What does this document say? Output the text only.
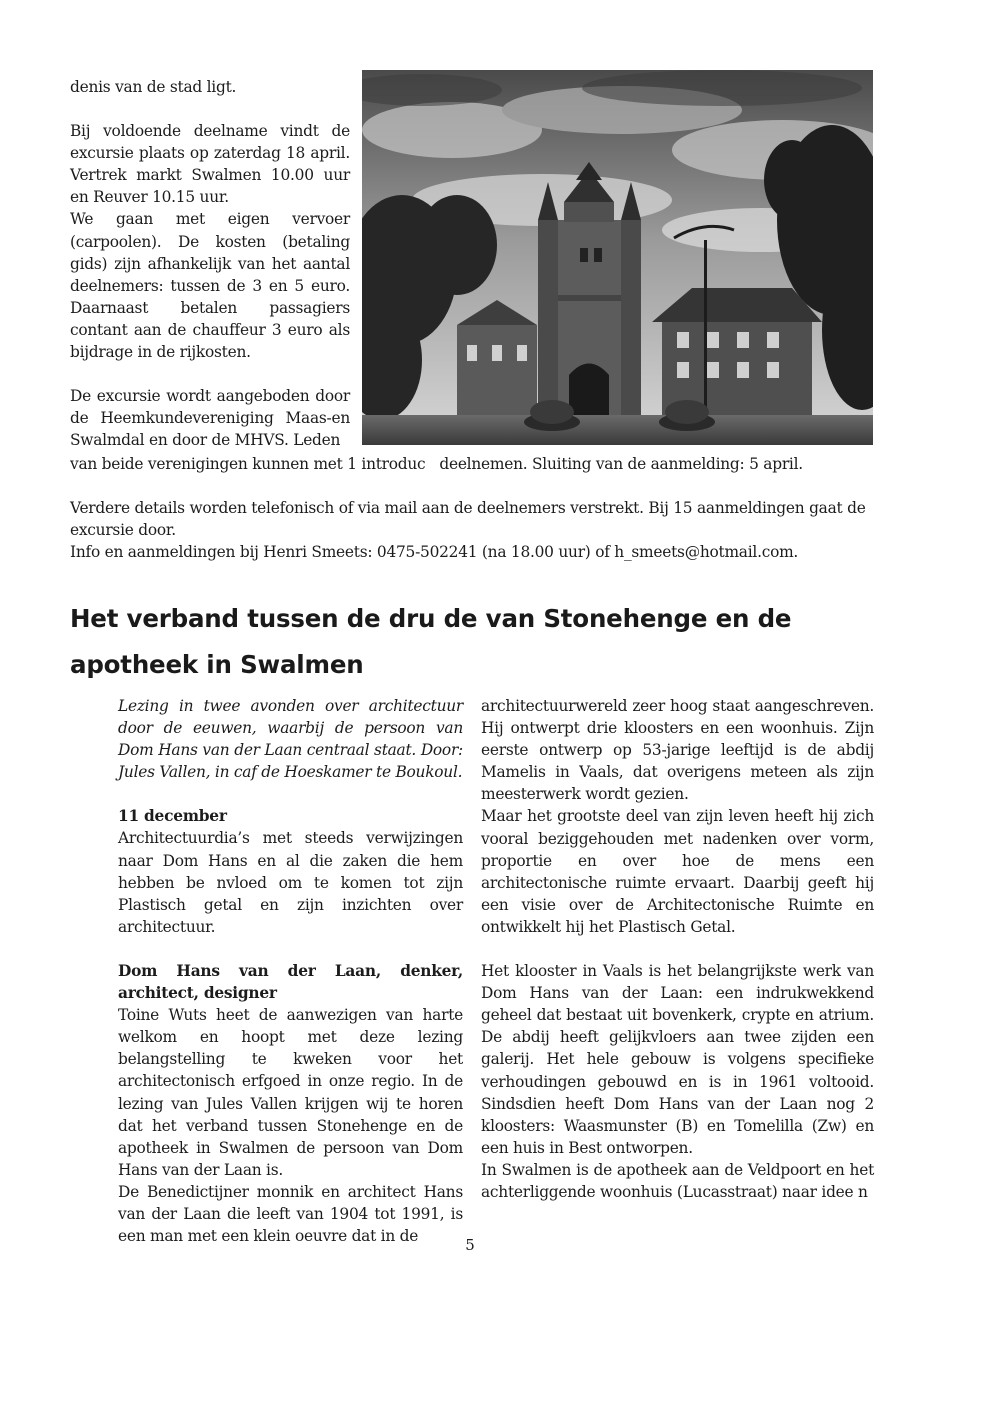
denis van de stad ligt.

Bij voldoende deelname vindt de excursie plaats op zaterdag 18 april. Vertrek markt Swalmen 10.00 uur en Reuver 10.15 uur.

We gaan met eigen vervoer (carpoolen). De kosten (betaling gids) zijn afhankelijk van het aantal deelnemers: tussen de 3 en 5 euro. Daarnaast betalen passagiers contant aan de chauffeur 3 euro als bijdrage in de rijkosten.

De excursie wordt aangeboden door de Heemkundevereniging Maas-en Swalmdal en door de MHVS. Leden

van beide verenigingen kunnen met 1 introduc   deelnemen. Sluiting van de aanmelding: 5 april.

Verdere details worden telefonisch of via mail aan de deelnemers verstrekt. Bij 15 aanmeldingen gaat de excursie door.

Info en aanmeldingen bij Henri Smeets: 0475-502241 (na 18.00 uur) of h_smeets@hotmail.com.

Het verband tussen de dru de van Stonehenge en de apotheek in Swalmen

Lezing in twee avonden over architectuur door de eeuwen, waarbij de persoon van Dom Hans van der Laan centraal staat. Door: Jules Vallen, in caf de Hoeskamer te Boukoul.

11 december

Architectuurdia’s met steeds verwijzingen naar Dom Hans en al die zaken die hem hebben be nvloed om te komen tot zijn Plastisch getal en zijn inzichten over architectuur.

Dom Hans van der Laan, denker, architect, designer

Toine Wuts heet de aanwezigen van harte welkom en hoopt met deze lezing belangstelling te kweken voor het architectonisch erfgoed in onze regio. In de lezing van Jules Vallen krijgen wij te horen dat het verband tussen Stonehenge en de apotheek in Swalmen de persoon van Dom Hans van der Laan is.

De Benedictijner monnik en architect Hans van der Laan die leeft van 1904 tot 1991, is een man met een klein oeuvre dat in de

architectuurwereld zeer hoog staat aangeschreven. Hij ontwerpt drie kloosters en een woonhuis. Zijn eerste ontwerp op 53-jarige leeftijd is de abdij Mamelis in Vaals, dat overigens meteen als zijn meesterwerk wordt gezien.

Maar het grootste deel van zijn leven heeft hij zich vooral beziggehouden met nadenken over vorm, proportie en over hoe de mens een architectonische ruimte ervaart. Daarbij geeft hij een visie over de Architectonische Ruimte en ontwikkelt hij het Plastisch Getal.

Het klooster in Vaals is het belangrijkste werk van Dom Hans van der Laan: een indrukwekkend geheel dat bestaat uit bovenkerk, crypte en atrium. De abdij heeft gelijkvloers aan twee zijden een galerij. Het hele gebouw is volgens specifieke verhoudingen gebouwd en is in 1961 voltooid. Sindsdien heeft Dom Hans van der Laan nog 2 kloosters: Waasmunster (B) en Tomelilla (Zw) en een huis in Best ontworpen.

In Swalmen is de apotheek aan de Veldpoort en het achterliggende woonhuis (Lucasstraat) naar idee n

5
